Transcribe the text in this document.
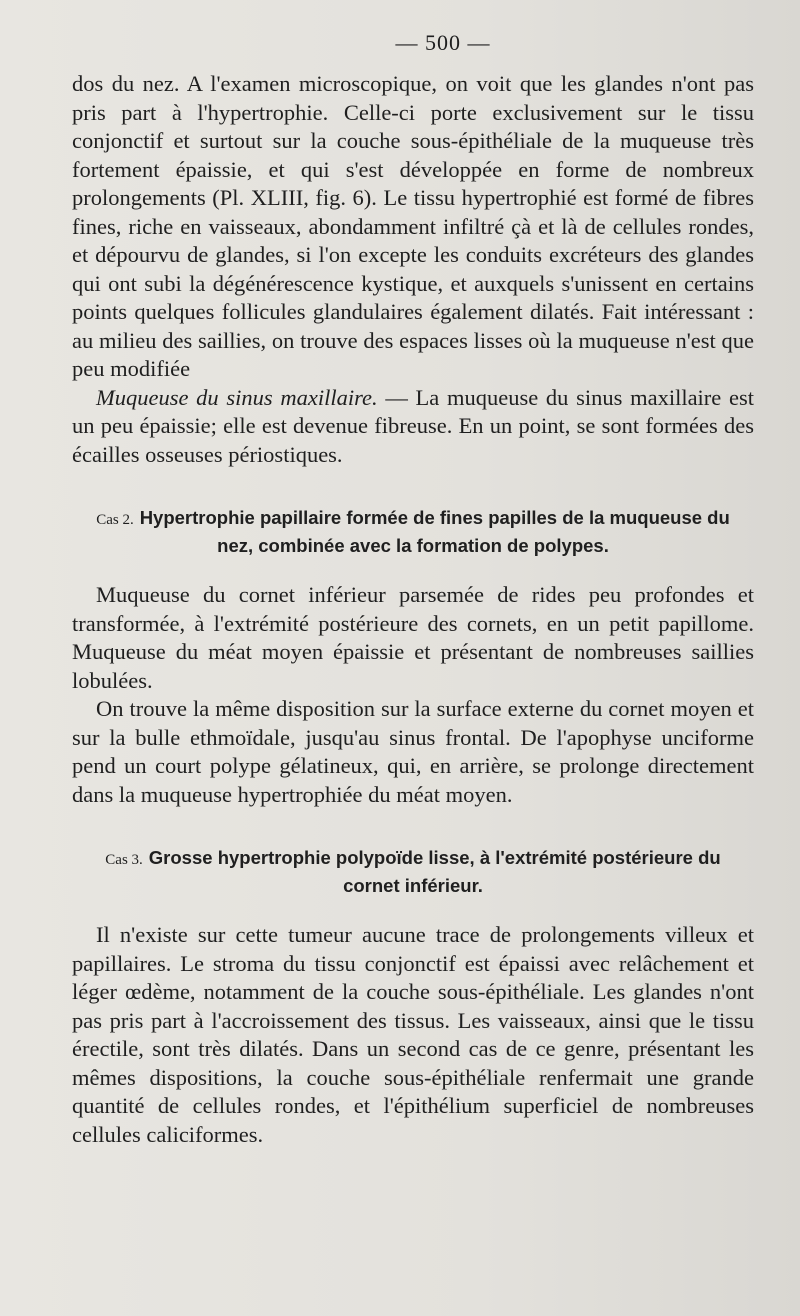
— 500 —

dos du nez. A l'examen microscopique, on voit que les glandes n'ont pas pris part à l'hypertrophie. Celle-ci porte exclusivement sur le tissu conjonctif et surtout sur la couche sous-épithéliale de la muqueuse très fortement épaissie, et qui s'est développée en forme de nombreux prolongements (Pl. XLIII, fig. 6). Le tissu hypertrophié est formé de fibres fines, riche en vaisseaux, abondamment infiltré çà et là de cellules rondes, et dépourvu de glandes, si l'on excepte les conduits excréteurs des glandes qui ont subi la dégénérescence kystique, et auxquels s'unissent en certains points quelques follicules glandulaires également dilatés. Fait intéressant : au milieu des saillies, on trouve des espaces lisses où la muqueuse n'est que peu modifiée

Muqueuse du sinus maxillaire. — La muqueuse du sinus maxillaire est un peu épaissie; elle est devenue fibreuse. En un point, se sont formées des écailles osseuses périostiques.

Cas 2. Hypertrophie papillaire formée de fines papilles de la muqueuse du nez, combinée avec la formation de polypes.

Muqueuse du cornet inférieur parsemée de rides peu profondes et transformée, à l'extrémité postérieure des cornets, en un petit papillome. Muqueuse du méat moyen épaissie et présentant de nombreuses saillies lobulées.

On trouve la même disposition sur la surface externe du cornet moyen et sur la bulle ethmoïdale, jusqu'au sinus frontal. De l'apophyse unciforme pend un court polype gélatineux, qui, en arrière, se prolonge directement dans la muqueuse hypertrophiée du méat moyen.

Cas 3. Grosse hypertrophie polypoïde lisse, à l'extrémité postérieure du cornet inférieur.

Il n'existe sur cette tumeur aucune trace de prolongements villeux et papillaires. Le stroma du tissu conjonctif est épaissi avec relâchement et léger œdème, notamment de la couche sous-épithéliale. Les glandes n'ont pas pris part à l'accroissement des tissus. Les vaisseaux, ainsi que le tissu érectile, sont très dilatés. Dans un second cas de ce genre, présentant les mêmes dispositions, la couche sous-épithéliale renfermait une grande quantité de cellules rondes, et l'épithélium superficiel de nombreuses cellules caliciformes.
